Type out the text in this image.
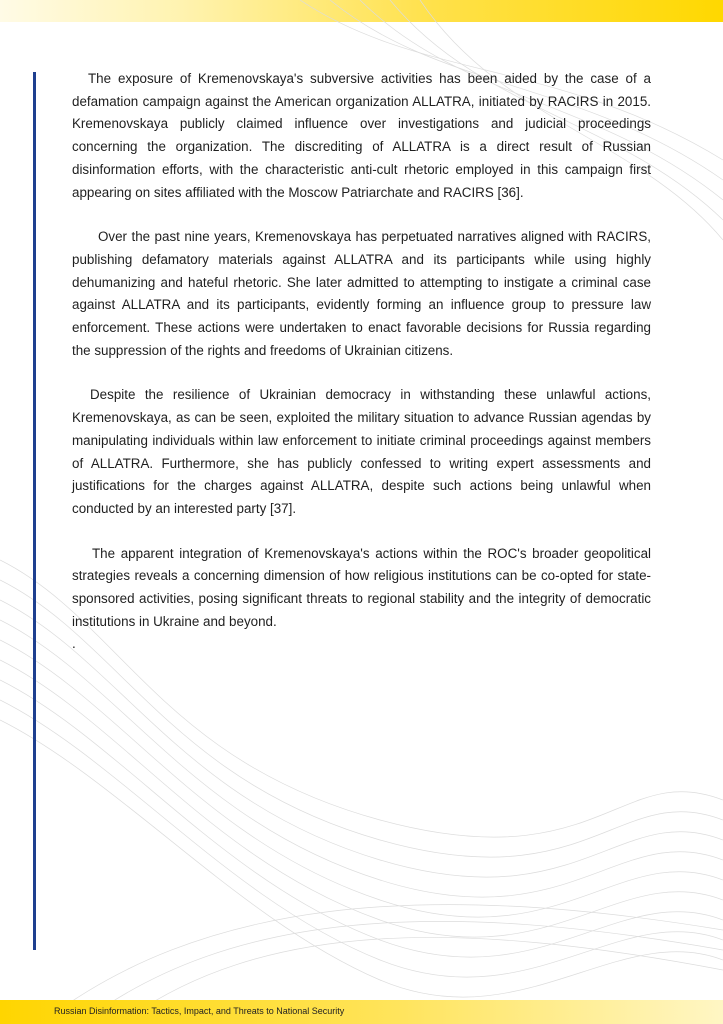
The exposure of Kremenovskaya's subversive activities has been aided by the case of a defamation campaign against the American organization ALLATRA, initiated by RACIRS in 2015. Kremenovskaya publicly claimed influence over investigations and judicial proceedings concerning the organization. The discrediting of ALLATRA is a direct result of Russian disinformation efforts, with the characteristic anti-cult rhetoric employed in this campaign first appearing on sites affiliated with the Moscow Patriarchate and RACIRS [36].

Over the past nine years, Kremenovskaya has perpetuated narratives aligned with RACIRS, publishing defamatory materials against ALLATRA and its participants while using highly dehumanizing and hateful rhetoric. She later admitted to attempting to instigate a criminal case against ALLATRA and its participants, evidently forming an influence group to pressure law enforcement. These actions were undertaken to enact favorable decisions for Russia regarding the suppression of the rights and freedoms of Ukrainian citizens.

Despite the resilience of Ukrainian democracy in withstanding these unlawful actions, Kremenovskaya, as can be seen, exploited the military situation to advance Russian agendas by manipulating individuals within law enforcement to initiate criminal proceedings against members of ALLATRA. Furthermore, she has publicly confessed to writing expert assessments and justifications for the charges against ALLATRA, despite such actions being unlawful when conducted by an interested party [37].

The apparent integration of Kremenovskaya's actions within the ROC's broader geopolitical strategies reveals a concerning dimension of how religious institutions can be co-opted for state-sponsored activities, posing significant threats to regional stability and the integrity of democratic institutions in Ukraine and beyond.

.

Russian Disinformation: Tactics, Impact, and Threats to National Security
